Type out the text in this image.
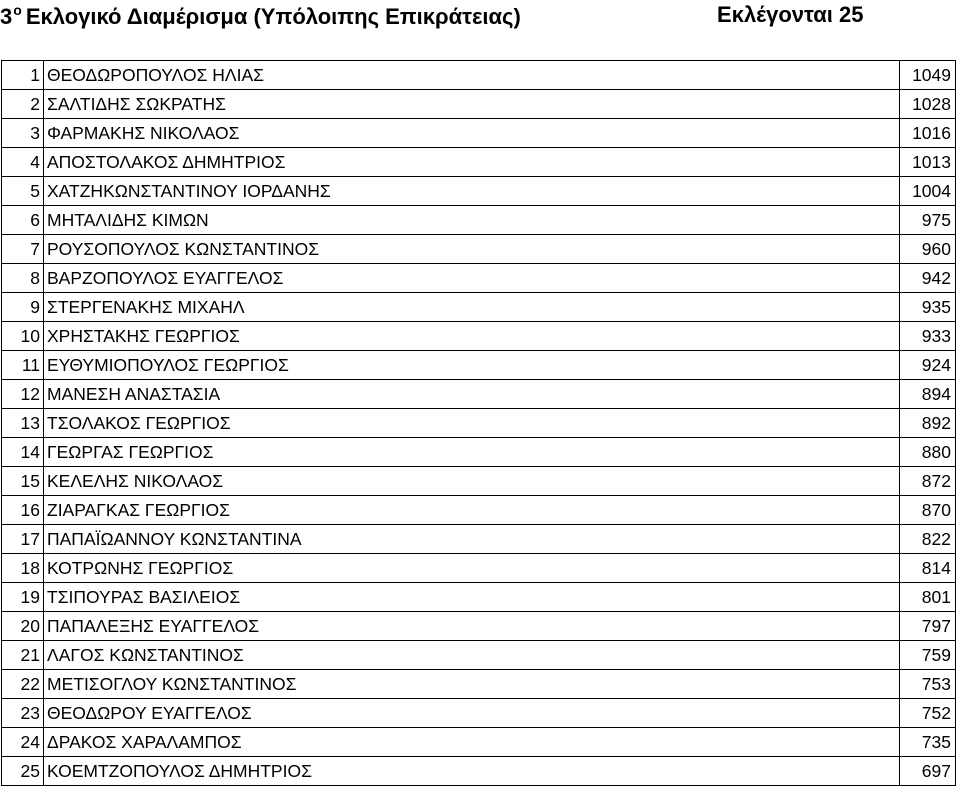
$3^o$ Εκλογικό Διαμέρισμα (Υπόλοιπης Επικράτειας)	Εκλέγονται 25
1	ΘΕΟΔΩΡΟΠΟΥΛΟΣ ΗΛΙΑΣ	1049
2	ΣΑΛΤΙΔΗΣ ΣΩΚΡΑΤΗΣ	1028
3	ΦΑΡΜΑΚΗΣ ΝΙΚΟΛΑΟΣ	1016
4	ΑΠΟΣΤΟΛΑΚΟΣ ΔΗΜΗΤΡΙΟΣ	1013
5	ΧΑΤΖΗΚΩΝΣΤΑΝΤΙΝΟΥ ΙΟΡΔΑΝΗΣ	1004
6	ΜΗΤΑΛΙΔΗΣ ΚΙΜΩΝ	975
7	ΡΟΥΣΟΠΟΥΛΟΣ ΚΩΝΣΤΑΝΤΙΝΟΣ	960
8	ΒΑΡΖΟΠΟΥΛΟΣ ΕΥΑΓΓΕΛΟΣ	942
9	ΣΤΕΡΓΕΝΑΚΗΣ ΜΙΧΑΗΛ	935
10	ΧΡΗΣΤΑΚΗΣ ΓΕΩΡΓΙΟΣ	933
11	ΕΥΘΥΜΙΟΠΟΥΛΟΣ ΓΕΩΡΓΙΟΣ	924
12	ΜΑΝΕΣΗ ΑΝΑΣΤΑΣΙΑ	894
13	ΤΣΟΛΑΚΟΣ ΓΕΩΡΓΙΟΣ	892
14	ΓΕΩΡΓΑΣ ΓΕΩΡΓΙΟΣ	880
15	ΚΕΛΕΛΗΣ ΝΙΚΟΛΑΟΣ	872
16	ΖΙΑΡΑΓΚΑΣ ΓΕΩΡΓΙΟΣ	870
17	ΠΑΠΑΪΩΑΝΝΟΥ ΚΩΝΣΤΑΝΤΙΝΑ	822
18	ΚΟΤΡΩΝΗΣ ΓΕΩΡΓΙΟΣ	814
19	ΤΣΙΠΟΥΡΑΣ ΒΑΣΙΛΕΙΟΣ	801
20	ΠΑΠΑΛΕΞΗΣ ΕΥΑΓΓΕΛΟΣ	797
21	ΛΑΓΟΣ ΚΩΝΣΤΑΝΤΙΝΟΣ	759
22	ΜΕΤΙΣΟΓΛΟΥ ΚΩΝΣΤΑΝΤΙΝΟΣ	753
23	ΘΕΟΔΩΡΟΥ ΕΥΑΓΓΕΛΟΣ	752
24	ΔΡΑΚΟΣ ΧΑΡΑΛΑΜΠΟΣ	735
25	ΚΟΕΜΤΖΟΠΟΥΛΟΣ ΔΗΜΗΤΡΙΟΣ	697
